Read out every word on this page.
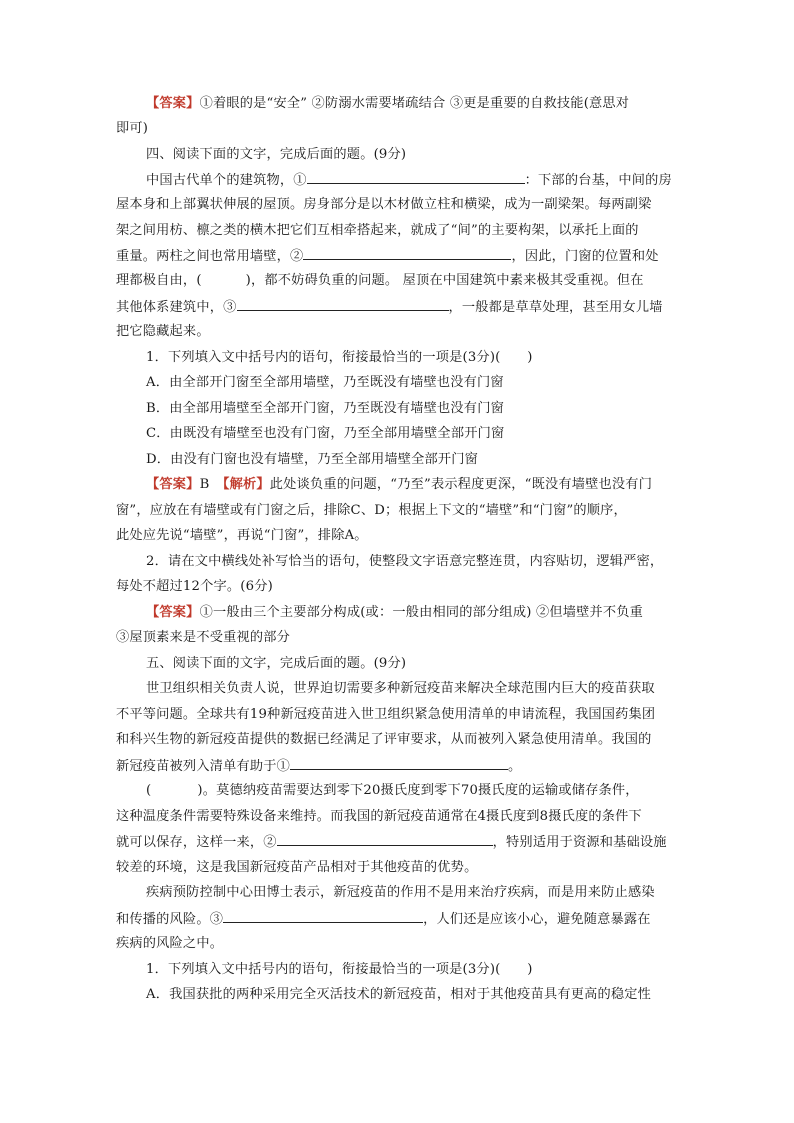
【答案】①着眼的是“安全” ②防溺水需要堵疏结合 ③更是重要的自救技能(意思对
即可)
四、阅读下面的文字，完成后面的题。(9分)
中国古代单个的建筑物，①	：下部的台基，中间的房
屋本身和上部翼状伸展的屋顶。房身部分是以木材做立柱和横梁，成为一副梁架。每两副梁
架之间用枋、檩之类的横木把它们互相牵搭起来，就成了“间”的主要构架，以承托上面的
重量。两柱之间也常用墙壁，②	，因此，门窗的位置和处
理都极自由，(	)，都不妨碍负重的问题。 屋顶在中国建筑中素来极其受重视。但在
其他体系建筑中，③	，一般都是草草处理，甚至用女儿墙
把它隐藏起来。
1．下列填入文中括号内的语句，衔接最恰当的一项是(3分)(　　)
A．由全部开门窗至全部用墙壁，乃至既没有墙壁也没有门窗
B．由全部用墙壁至全部开门窗，乃至既没有墙壁也没有门窗
C．由既没有墙壁至也没有门窗，乃至全部用墙壁全部开门窗
D．由没有门窗也没有墙壁，乃至全部用墙壁全部开门窗
【答案】B　【解析】此处谈负重的问题，“乃至”表示程度更深，“既没有墙壁也没有门
窗”，应放在有墙壁或有门窗之后，排除C、D；根据上下文的“墙壁”和“门窗”的顺序，
此处应先说“墙壁”，再说“门窗”，排除A。
2．请在文中横线处补写恰当的语句，使整段文字语意完整连贯，内容贴切，逻辑严密，
每处不超过12个字。(6分)
【答案】①一般由三个主要部分构成(或：一般由相同的部分组成) ②但墙壁并不负重
③屋顶素来是不受重视的部分
五、阅读下面的文字，完成后面的题。(9分)
世卫组织相关负责人说，世界迫切需要多种新冠疫苗来解决全球范围内巨大的疫苗获取
不平等问题。全球共有19种新冠疫苗进入世卫组织紧急使用清单的申请流程，我国国药集团
和科兴生物的新冠疫苗提供的数据已经满足了评审要求，从而被列入紧急使用清单。我国的
新冠疫苗被列入清单有助于①	。
(	)。莫德纳疫苗需要达到零下20摄氏度到零下70摄氏度的运输或储存条件，
这种温度条件需要特殊设备来维持。而我国的新冠疫苗通常在4摄氏度到8摄氏度的条件下
就可以保存，这样一来，②	，特别适用于资源和基础设施
较差的环境，这是我国新冠疫苗产品相对于其他疫苗的优势。
疾病预防控制中心田博士表示，新冠疫苗的作用不是用来治疗疾病，而是用来防止感染
和传播的风险。③	，人们还是应该小心，避免随意暴露在
疾病的风险之中。
1．下列填入文中括号内的语句，衔接最恰当的一项是(3分)(　　)
A．我国获批的两种采用完全灭活技术的新冠疫苗，相对于其他疫苗具有更高的稳定性
